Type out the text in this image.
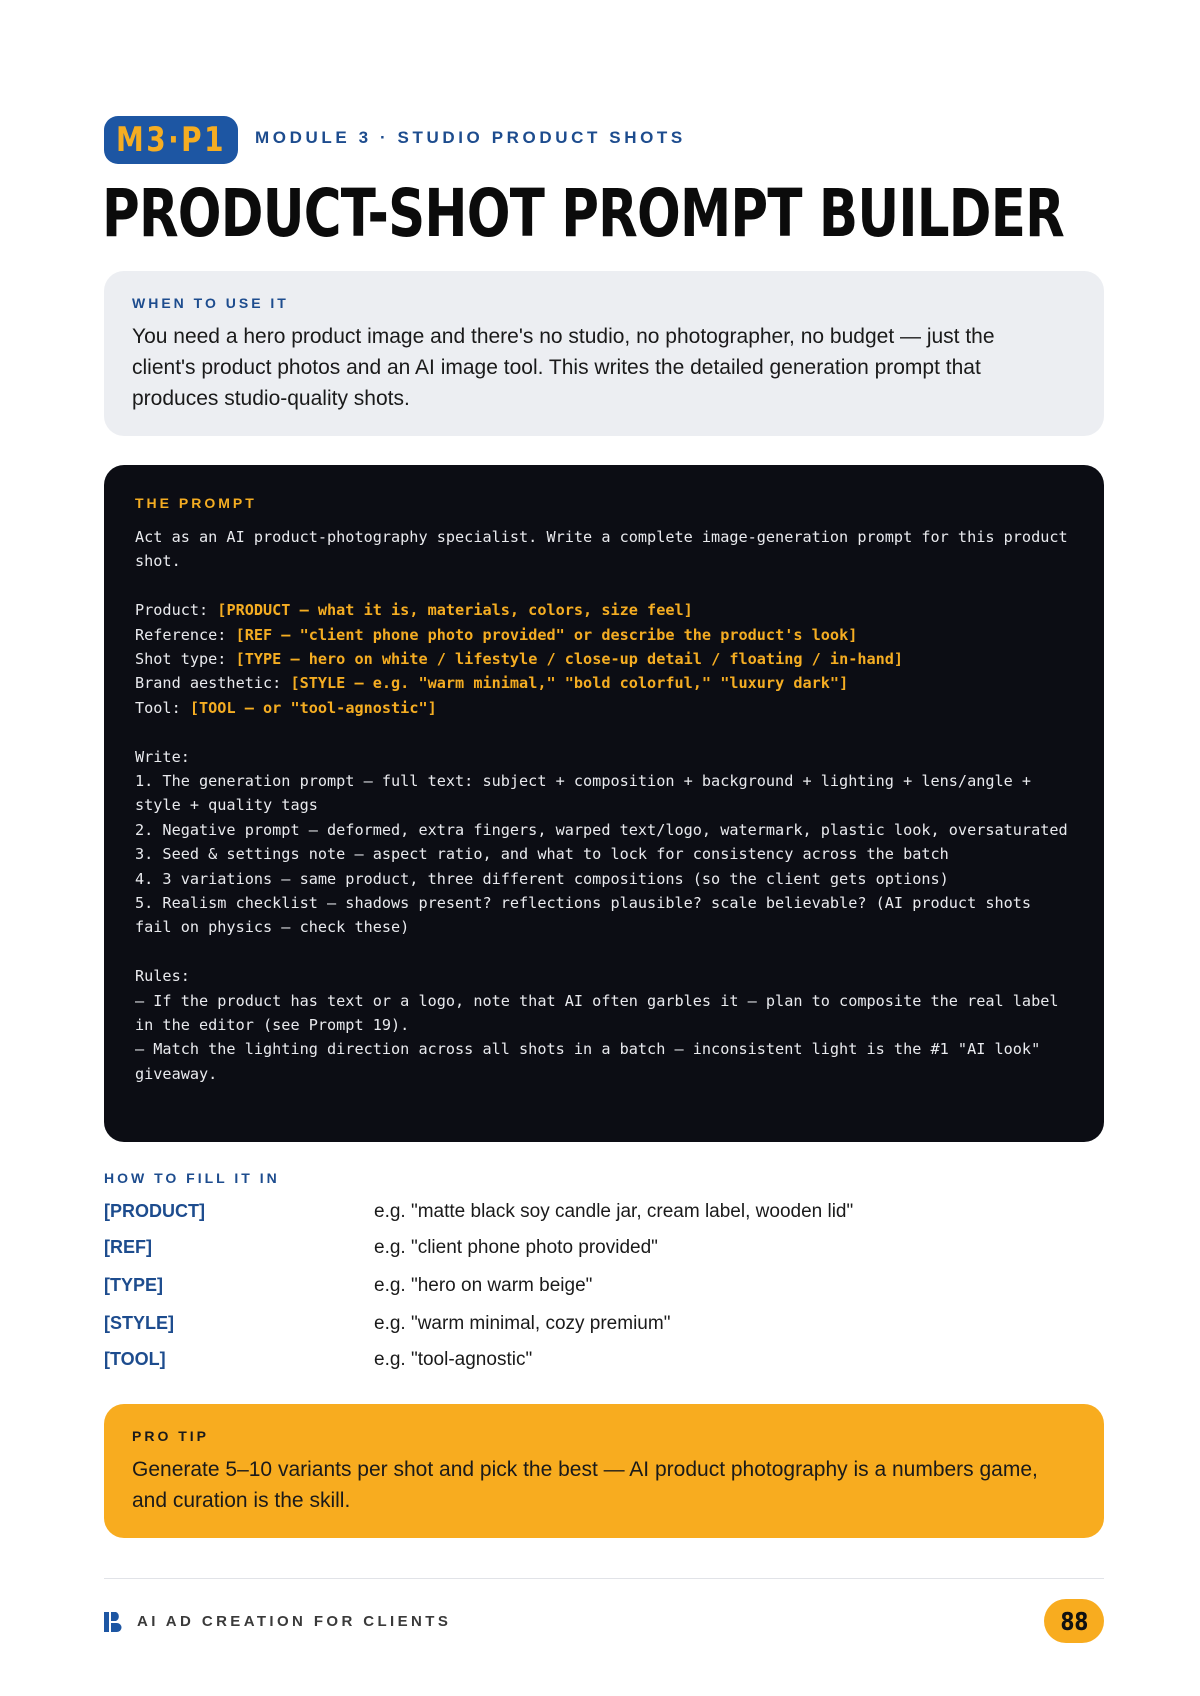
M3·P1 MODULE 3 · STUDIO PRODUCT SHOTS
PRODUCT-SHOT PROMPT BUILDER
WHEN TO USE IT
You need a hero product image and there's no studio, no photographer, no budget — just the client's product photos and an AI image tool. This writes the detailed generation prompt that produces studio-quality shots.
THE PROMPT
Act as an AI product-photography specialist. Write a complete image-generation prompt for this product shot.
Product: [PRODUCT — what it is, materials, colors, size feel]
Reference: [REF — "client phone photo provided" or describe the product's look]
Shot type: [TYPE — hero on white / lifestyle / close-up detail / floating / in-hand]
Brand aesthetic: [STYLE — e.g. "warm minimal," "bold colorful," "luxury dark"]
Tool: [TOOL — or "tool-agnostic"]
Write:
1. The generation prompt — full text: subject + composition + background + lighting + lens/angle + style + quality tags
2. Negative prompt — deformed, extra fingers, warped text/logo, watermark, plastic look, oversaturated
3. Seed & settings note — aspect ratio, and what to lock for consistency across the batch
4. 3 variations — same product, three different compositions (so the client gets options)
5. Realism checklist — shadows present? reflections plausible? scale believable? (AI product shots fail on physics — check these)
Rules:
– If the product has text or a logo, note that AI often garbles it — plan to composite the real label in the editor (see Prompt 19).
– Match the lighting direction across all shots in a batch — inconsistent light is the #1 "AI look" giveaway.
HOW TO FILL IT IN
[PRODUCT]	e.g. "matte black soy candle jar, cream label, wooden lid"
[REF]	e.g. "client phone photo provided"
[TYPE]	e.g. "hero on warm beige"
[STYLE]	e.g. "warm minimal, cozy premium"
[TOOL]	e.g. "tool-agnostic"
PRO TIP
Generate 5–10 variants per shot and pick the best — AI product photography is a numbers game, and curation is the skill.
AI AD CREATION FOR CLIENTS	88
